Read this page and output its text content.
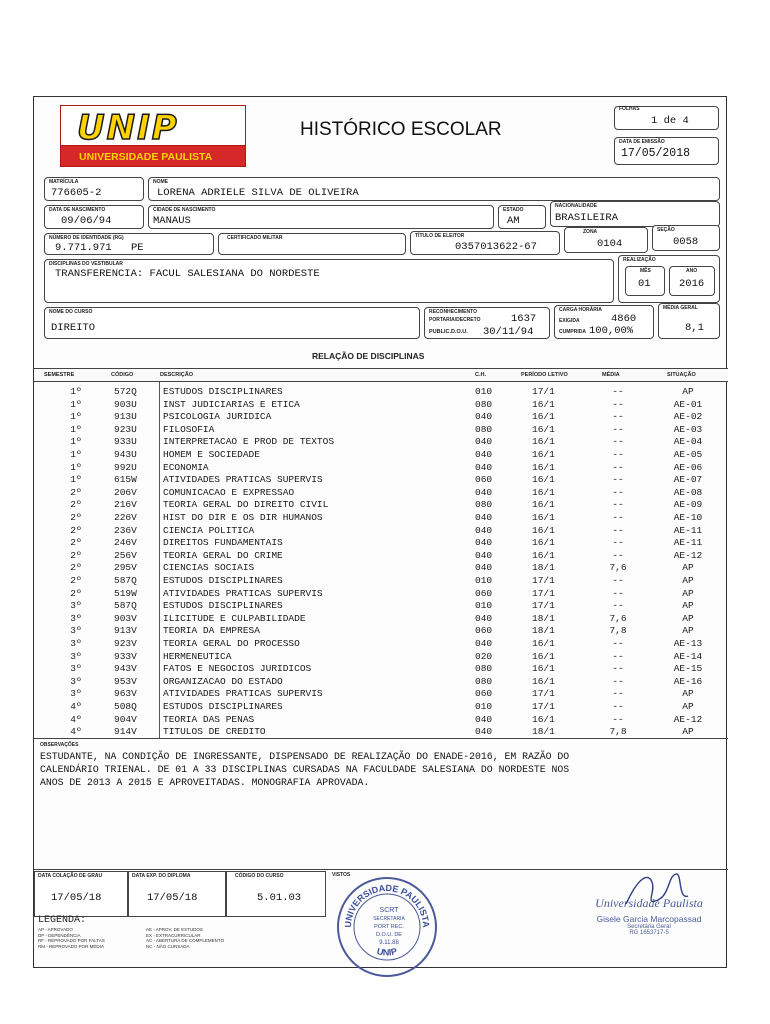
UNIP
UNIVERSIDADE PAULISTA
HISTÓRICO ESCOLAR
FOLHAS
1 de 4
DATA DE EMISSÃO
17/05/2018
MATRÍCULA
776605-2
NOME
LORENA ADRIELE SILVA DE OLIVEIRA
DATA DE NASCIMENTO
09/06/94
CIDADE DE NASCIMENTO
MANAUS
ESTADO
AM
NACIONALIDADE
BRASILEIRA
NÚMERO DE IDENTIDADE (RG)
9.771.971 PE
CERTIFICADO MILITAR	TÍTULO DE ELEITOR
0357013622-67
ZONA
0104
SEÇÃO
0058
DISCIPLINAS DO VESTIBULAR
TRANSFERENCIA: FACUL SALESIANA DO NORDESTE
REALIZAÇÃO
MÊS
01
ANO
2016
NOME DO CURSO
DIREITO
RECONHECIMENTO
PORTARIA/DECRETO	1637
PUBLIC.D.O.U. 30/11/94
CARGA HORÁRIA
EXIGIDA	4860
CUMPRIDA 100,00%
MÉDIA GERAL
8,1
RELAÇÃO DE DISCIPLINAS
SEMESTRE	CÓDIGO	DESCRIÇÃO	C.H.	PERÍODO LETIVO	MÉDIA	SITUAÇÃO
1º	572Q	ESTUDOS DISCIPLINARES	010	17/1	--	AP
1º	903U	INST JUDICIARIAS E ETICA	080	16/1	--	AE-01
1º	913U	PSICOLOGIA JURIDICA	040	16/1	--	AE-02
1º	923U	FILOSOFIA	080	16/1	--	AE-03
1º	933U	INTERPRETACAO E PROD DE TEXTOS	040	16/1	--	AE-04
1º	943U	HOMEM E SOCIEDADE	040	16/1	--	AE-05
1º	992U	ECONOMIA	040	16/1	--	AE-06
1º	615W	ATIVIDADES PRATICAS SUPERVIS	060	16/1	--	AE-07
2º	206V	COMUNICACAO E EXPRESSAO	040	16/1	--	AE-08
2º	216V	TEORIA GERAL DO DIREITO CIVIL	080	16/1	--	AE-09
2º	226V	HIST DO DIR E OS DIR HUMANOS	040	16/1	--	AE-10
2º	236V	CIENCIA POLITICA	040	16/1	--	AE-11
2º	246V	DIREITOS FUNDAMENTAIS	040	16/1	--	AE-11
2º	256V	TEORIA GERAL DO CRIME	040	16/1	--	AE-12
2º	295V	CIENCIAS SOCIAIS	040	18/1	7,6	AP
2º	587Q	ESTUDOS DISCIPLINARES	010	17/1	--	AP
2º	519W	ATIVIDADES PRATICAS SUPERVIS	060	17/1	--	AP
3º	587Q	ESTUDOS DISCIPLINARES	010	17/1	--	AP
3º	903V	ILICITUDE E CULPABILIDADE	040	18/1	7,6	AP
3º	913V	TEORIA DA EMPRESA	060	18/1	7,8	AP
3º	923V	TEORIA GERAL DO PROCESSO	040	16/1	--	AE-13
3º	933V	HERMENEUTICA	020	16/1	--	AE-14
3º	943V	FATOS E NEGOCIOS JURIDICOS	080	16/1	--	AE-15
3º	953V	ORGANIZACAO DO ESTADO	080	16/1	--	AE-16
3º	963V	ATIVIDADES PRATICAS SUPERVIS	060	17/1	--	AP
4º	508Q	ESTUDOS DISCIPLINARES	010	17/1	--	AP
4º	904V	TEORIA DAS PENAS	040	16/1	--	AE-12
4º	914V	TITULOS DE CREDITO	040	18/1	7,8	AP
OBSERVAÇÕES
ESTUDANTE, NA CONDIÇÃO DE INGRESSANTE, DISPENSADO DE REALIZAÇÃO DO ENADE-2016, EM RAZÃO DO
CALENDÁRIO TRIENAL. DE 01 A 33 DISCIPLINAS CURSADAS NA FACULDADE SALESIANA DO NORDESTE NOS
ANOS DE 2013 A 2015 E APROVEITADAS. MONOGRAFIA APROVADA.
DATA COLAÇÃO DE GRAU
17/05/18
DATA EXP. DO DIPLOMA
17/05/18
CÓDIGO DO CURSO
5.01.03
VISTOS
LEGENDA:
AP - APROVADO
DP - DEPENDÊNCIA
RF - REPROVADO POR FALTAS
RM - REPROVADO POR MÉDIA
AE - APROV. DE ESTUDOS
EX - EXTRACURRICULAR
AC - ABERTURA DE COMPLEMENTO
NC - NÃO CURSADA
UNIVERSIDADE PAULISTA
UNIP
SCRT
SECRETARIA
PORT REC.
D.O.U. DE
9.11.88
Universidade Paulista
Gisele Garcia Marcopassad
Secretária Geral
RG 1653717-5
